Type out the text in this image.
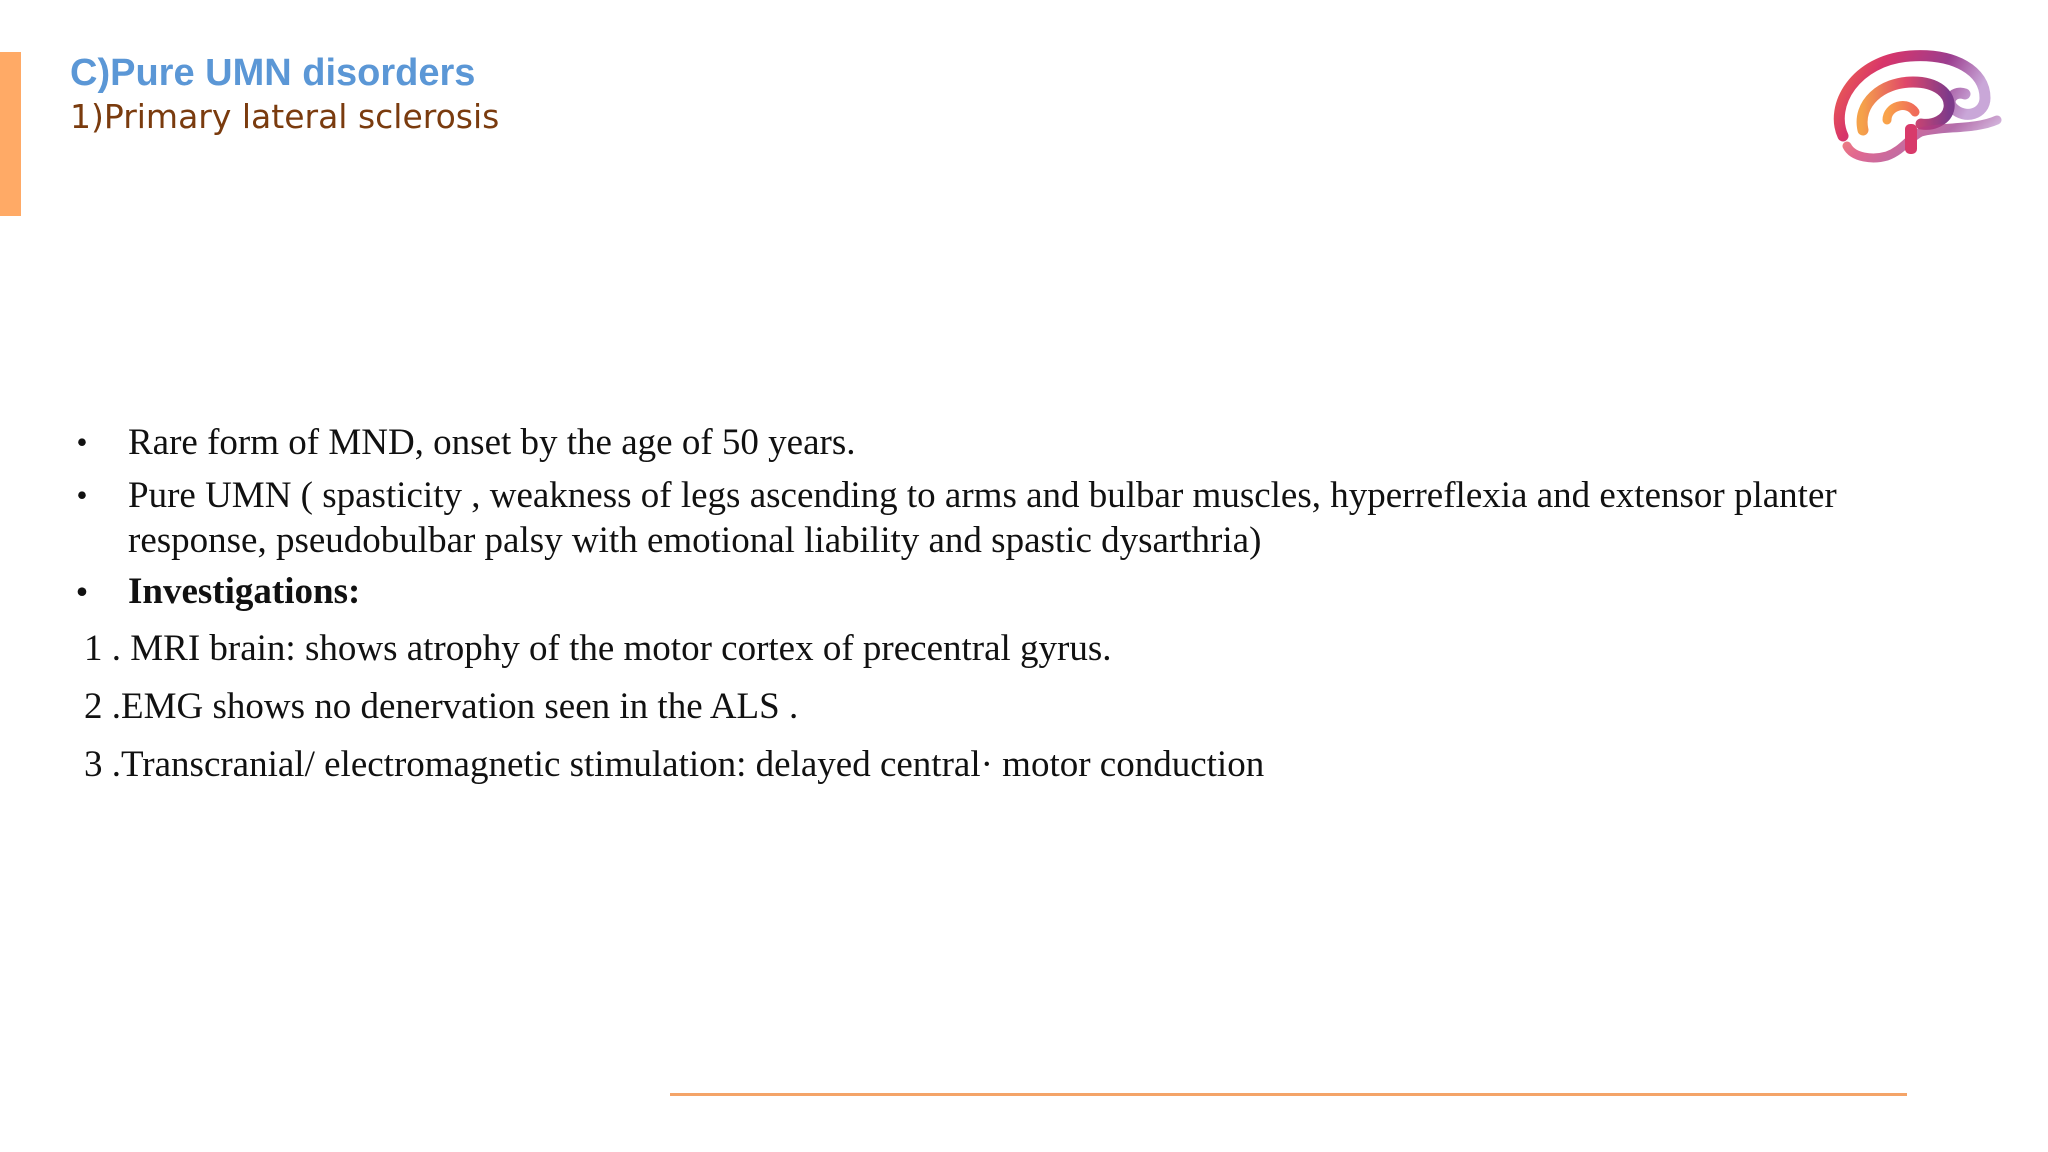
C)Pure UMN disorders
1)Primary lateral sclerosis
• Rare form of MND, onset by the age of 50 years.
• Pure UMN ( spasticity , weakness of legs ascending to arms and bulbar muscles, hyperreflexia and extensor planter response, pseudobulbar palsy with emotional liability and spastic dysarthria)
• Investigations:
1 . MRI brain: shows atrophy of the motor cortex of precentral gyrus.
2 .EMG shows no denervation seen in the ALS .
3 .Transcranial/ electromagnetic stimulation: delayed central· motor conduction
